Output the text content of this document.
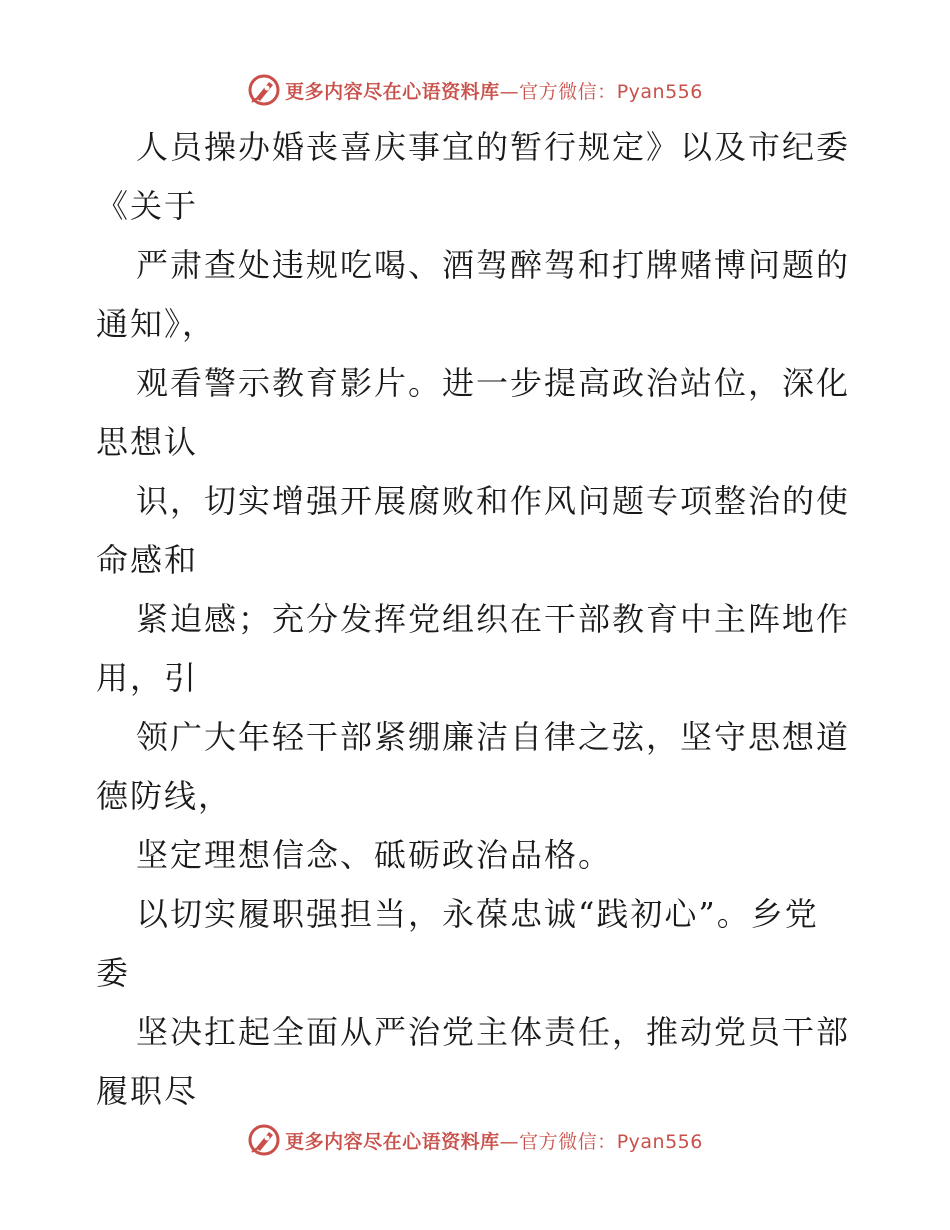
更多内容尽在心语资料库—官方微信：Pyan556
人员操办婚丧喜庆事宜的暂行规定》以及市纪委
《关于
严肃查处违规吃喝、酒驾醉驾和打牌赌博问题的
通知》，
观看警示教育影片。进一步提高政治站位，深化
思想认
识，切实增强开展腐败和作风问题专项整治的使
命感和
紧迫感；充分发挥党组织在干部教育中主阵地作
用，引
领广大年轻干部紧绷廉洁自律之弦，坚守思想道
德防线，
坚定理想信念、砥砺政治品格。
以切实履职强担当，永葆忠诚“践初心”。乡党
委
坚决扛起全面从严治党主体责任，推动党员干部
履职尽
更多内容尽在心语资料库—官方微信：Pyan556
